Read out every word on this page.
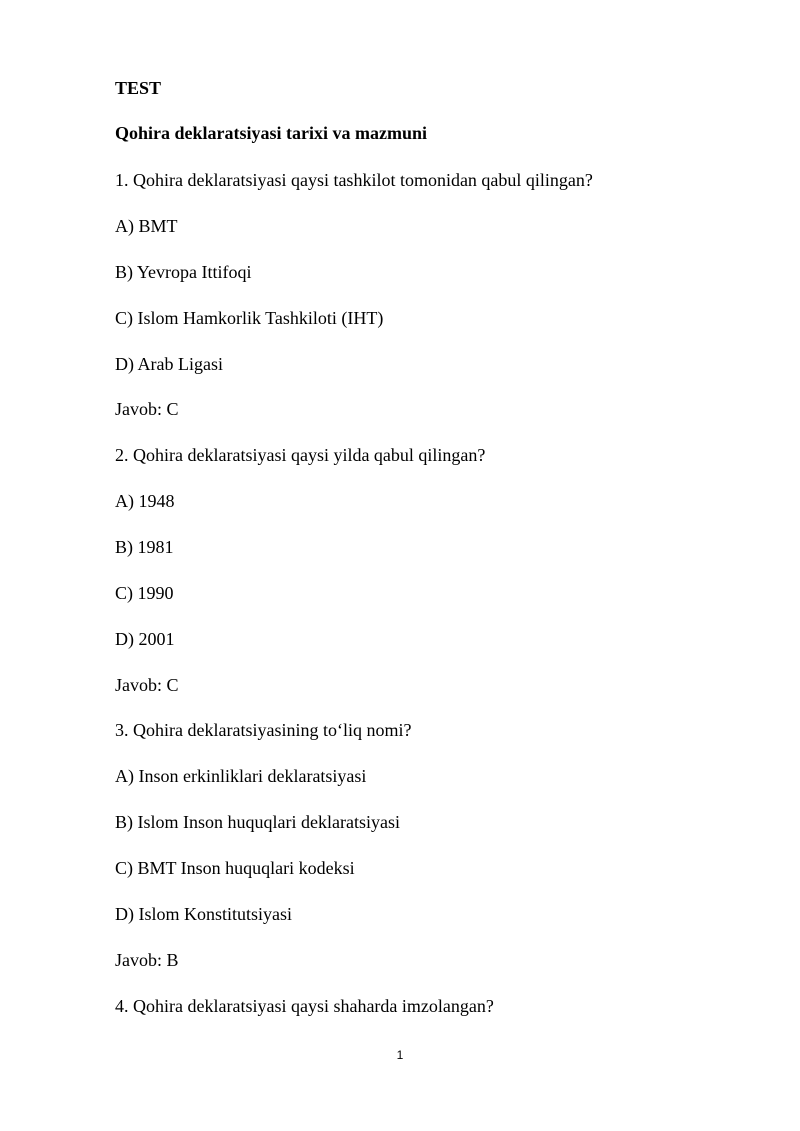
TEST
Qohira deklaratsiyasi tarixi va mazmuni
1. Qohira deklaratsiyasi qaysi tashkilot tomonidan qabul qilingan?
A) BMT
B) Yevropa Ittifoqi
C) Islom Hamkorlik Tashkiloti (IHT)
D) Arab Ligasi
Javob: C
2. Qohira deklaratsiyasi qaysi yilda qabul qilingan?
A) 1948
B) 1981
C) 1990
D) 2001
Javob: C
3. Qohira deklaratsiyasining to‘liq nomi?
A) Inson erkinliklari deklaratsiyasi
B) Islom Inson huquqlari deklaratsiyasi
C) BMT Inson huquqlari kodeksi
D) Islom Konstitutsiyasi
Javob: B
4. Qohira deklaratsiyasi qaysi shaharda imzolangan?
1
